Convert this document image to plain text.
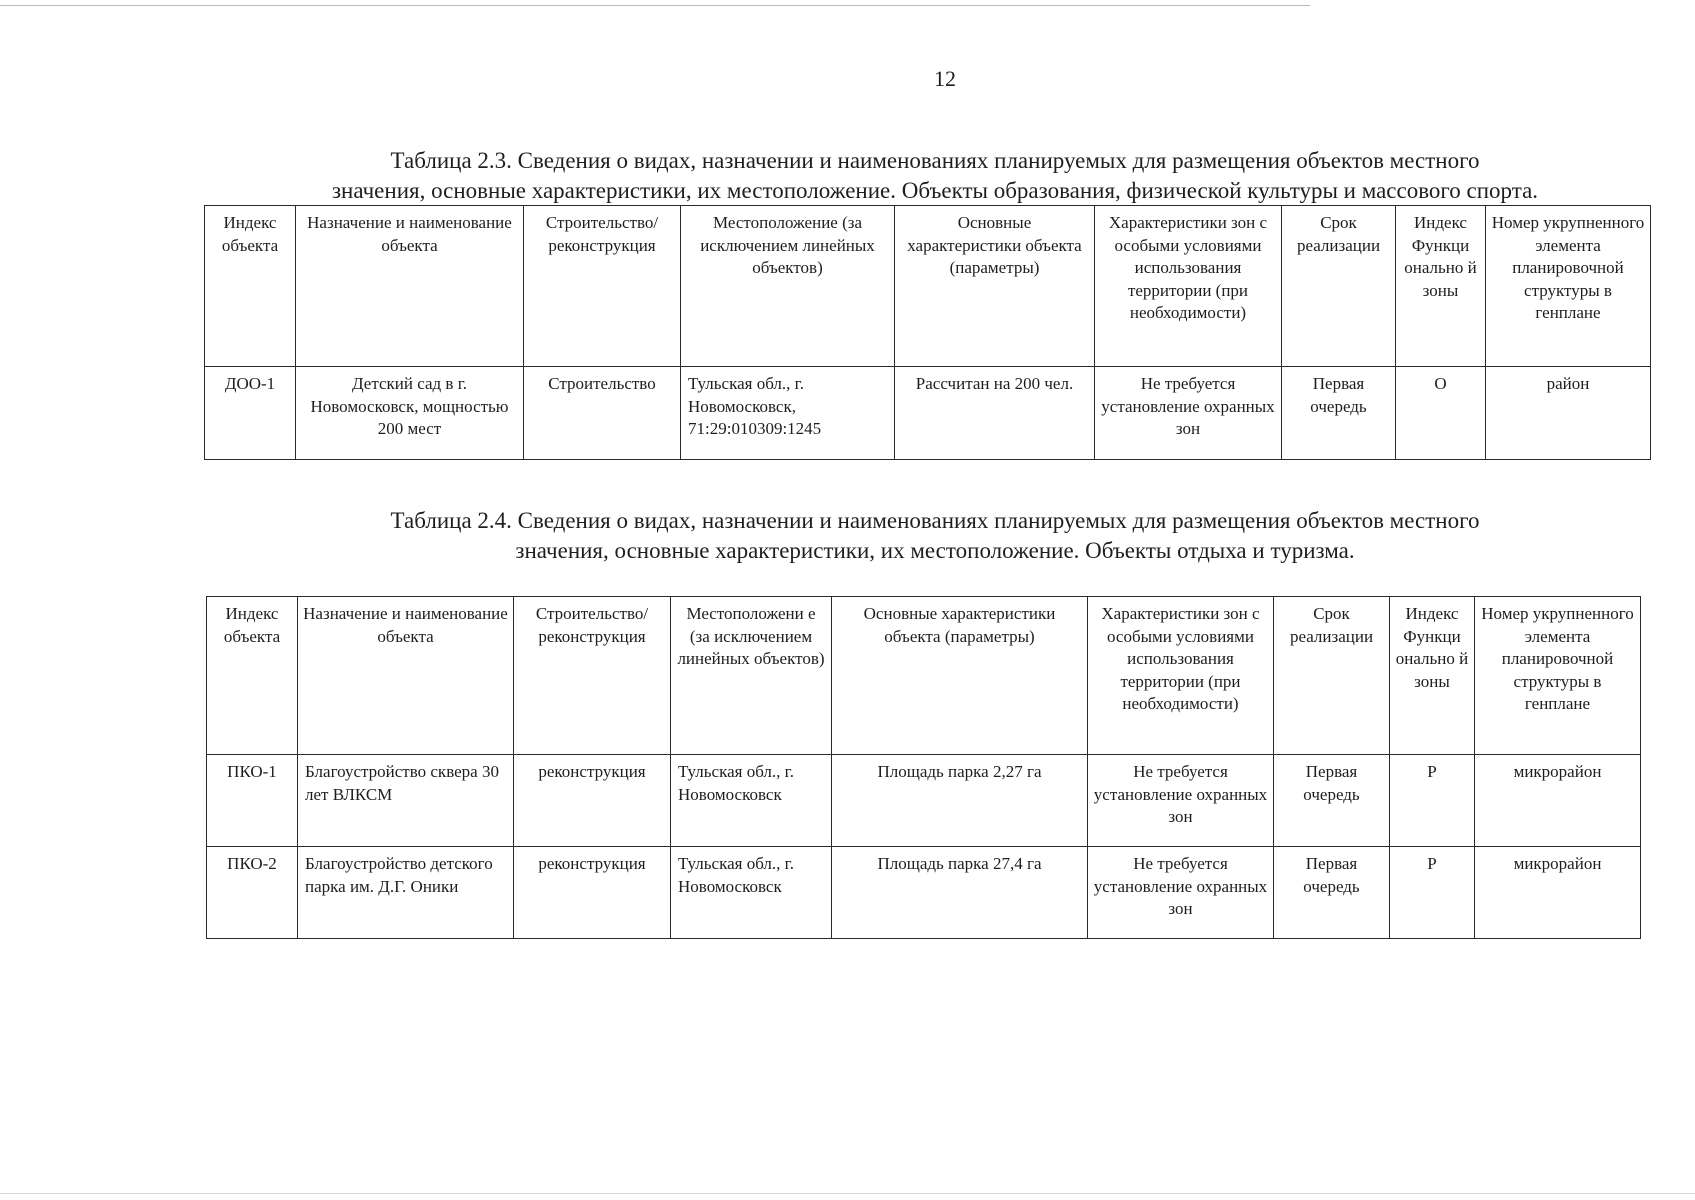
12
Таблица 2.3. Сведения о видах, назначении и наименованиях планируемых для размещения объектов местного
значения, основные характеристики, их местоположение. Объекты образования, физической культуры и массового спорта.
Индекс объекта	Назначение и наименование объекта	Строительство/ реконструкция	Местоположение (за исключением линейных объектов)	Основные характеристики объекта (параметры)	Характеристики зон с особыми условиями использования территории (при необходимости)	Срок реализации	Индекс Функци онально й зоны	Номер укрупненного элемента планировочной структуры в генплане
ДОО-1	Детский сад в г. Новомосковск, мощностью 200 мест	Строительство	Тульская обл., г. Новомосковск, 71:29:010309:1245	Рассчитан на 200 чел.	Не требуется установление охранных зон	Первая очередь	О	район
Таблица 2.4. Сведения о видах, назначении и наименованиях планируемых для размещения объектов местного
значения, основные характеристики, их местоположение. Объекты отдыха и туризма.
Индекс объекта	Назначение и наименование объекта	Строительство/ реконструкция	Местоположени е (за исключением линейных объектов)	Основные характеристики объекта (параметры)	Характеристики зон с особыми условиями использования территории (при необходимости)	Срок реализации	Индекс Функци онально й зоны	Номер укрупненного элемента планировочной структуры в генплане
ПКО-1	Благоустройство сквера 30 лет ВЛКСМ	реконструкция	Тульская обл., г. Новомосковск	Площадь парка 2,27 га	Не требуется установление охранных зон	Первая очередь	Р	микрорайон
ПКО-2	Благоустройство детского парка им. Д.Г. Оники	реконструкция	Тульская обл., г. Новомосковск	Площадь парка 27,4 га	Не требуется установление охранных зон	Первая очередь	Р	микрорайон
